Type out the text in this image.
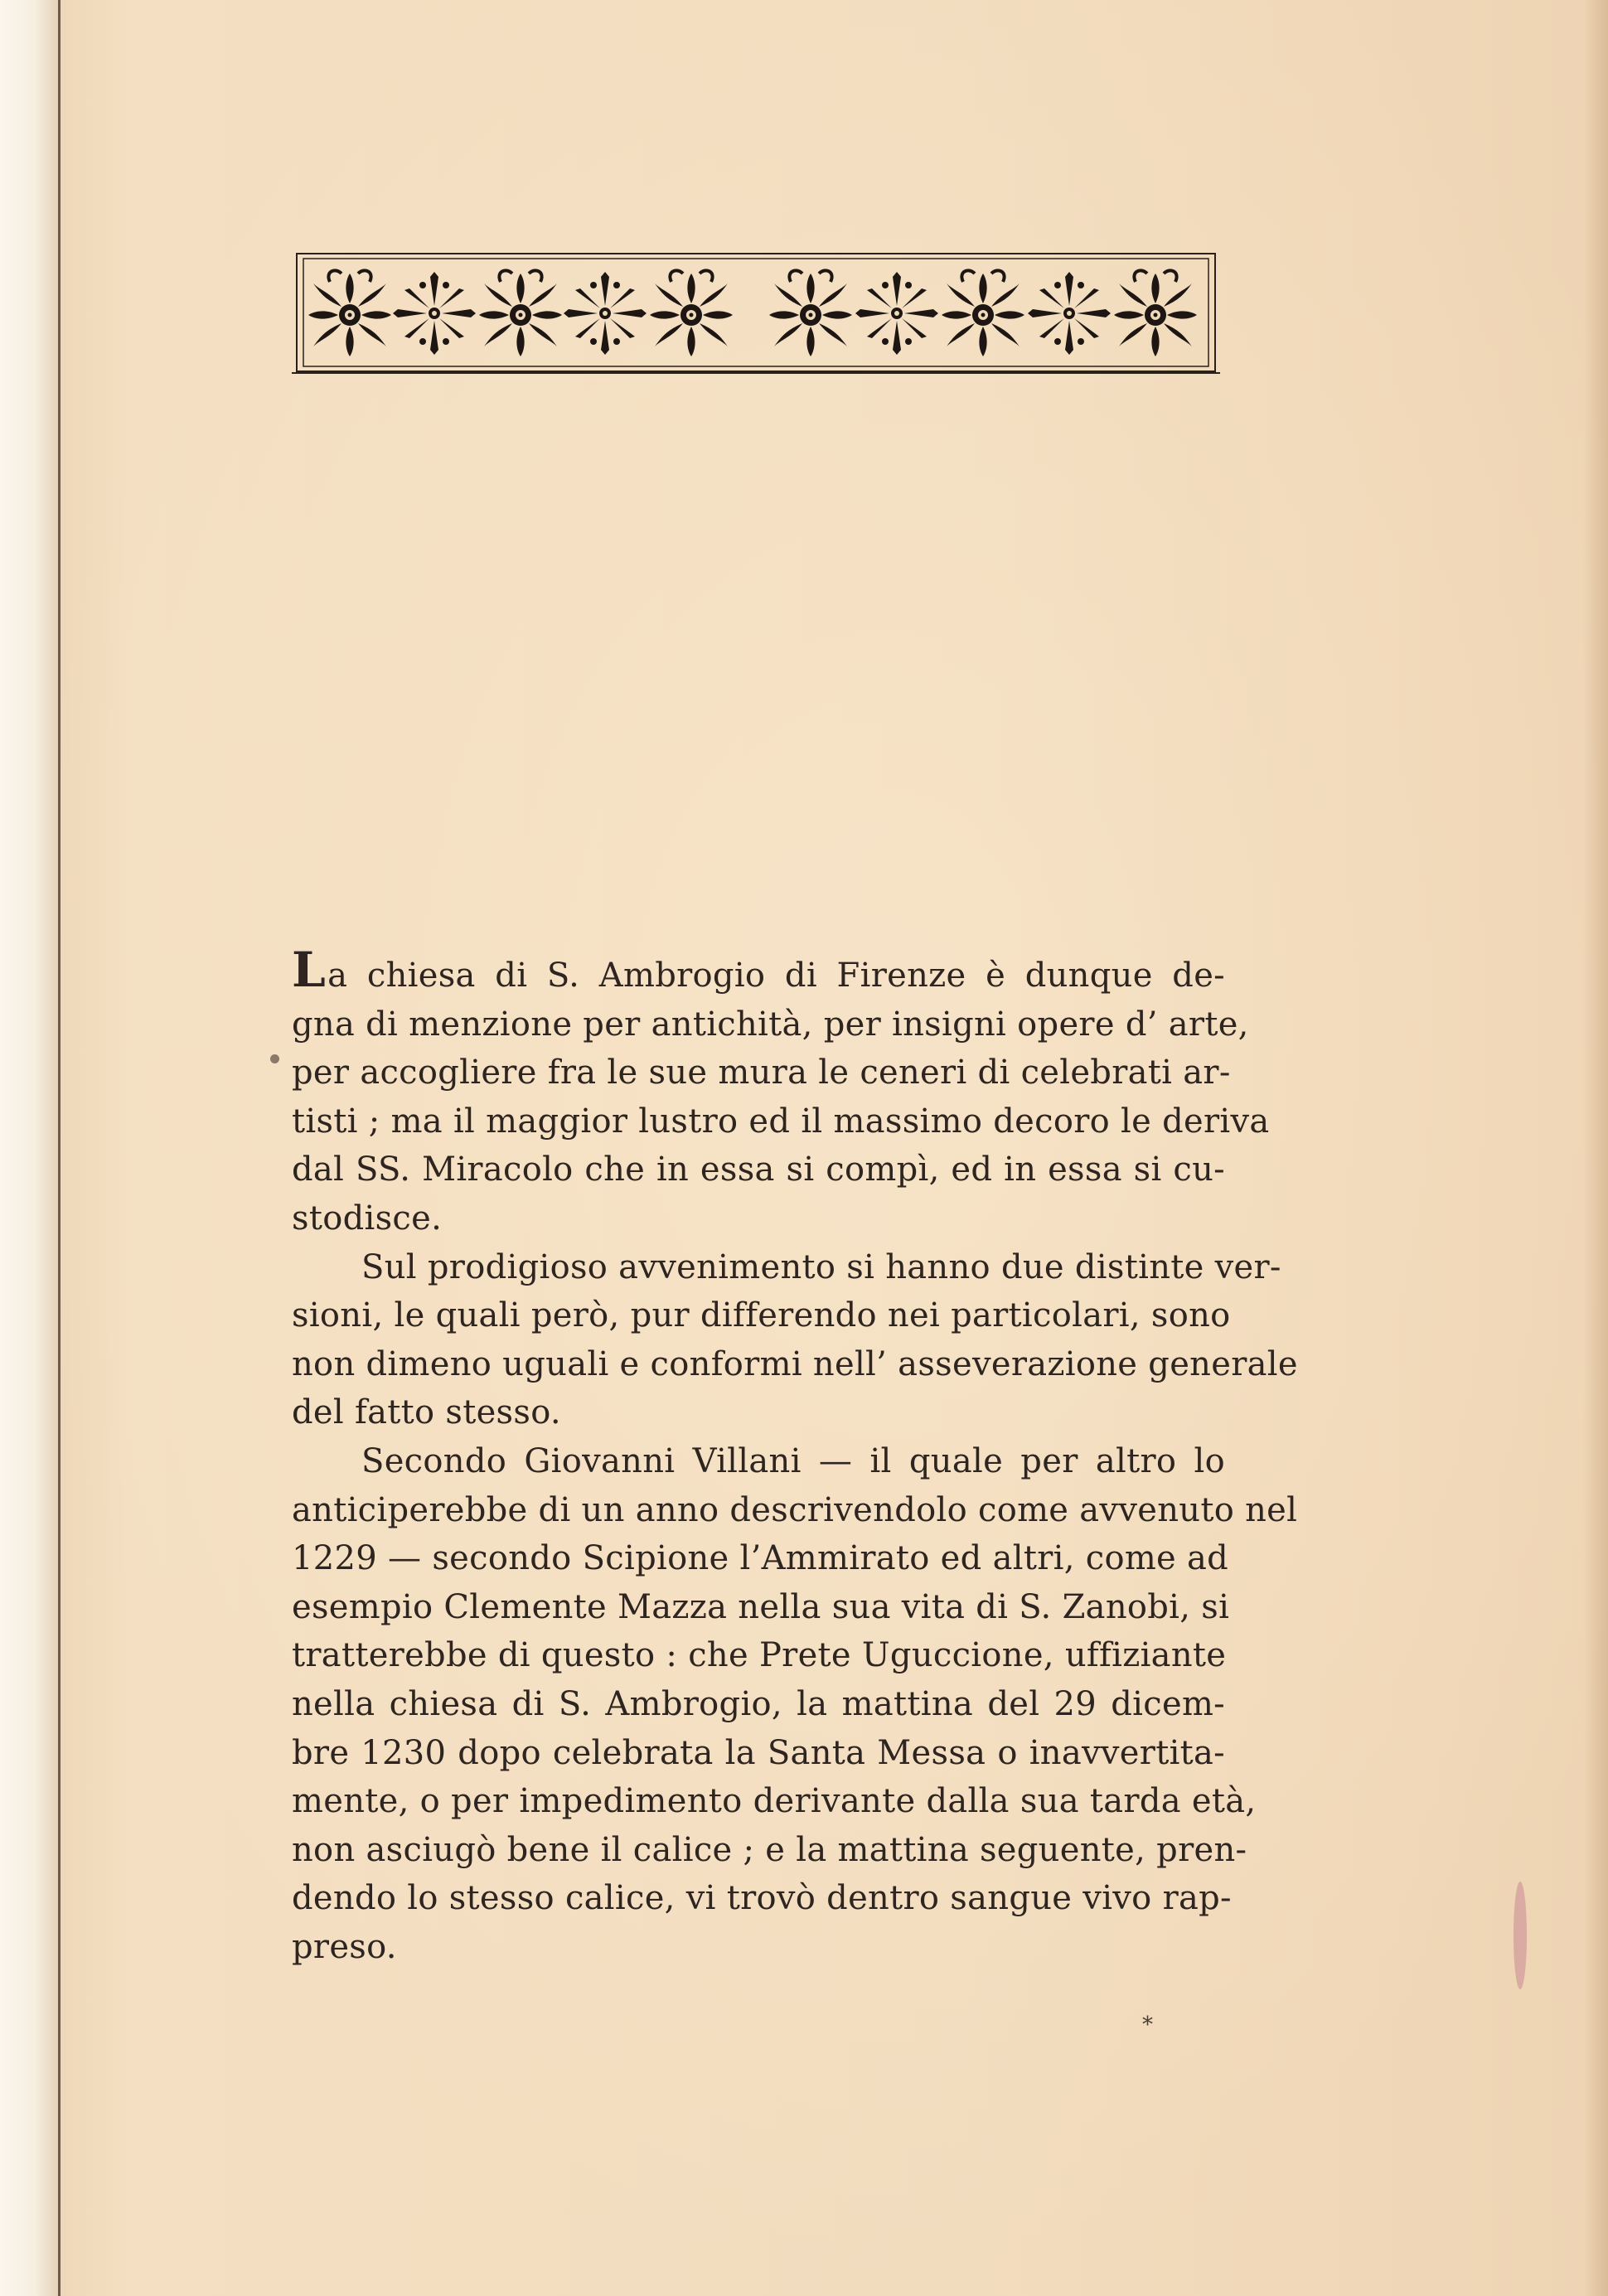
La chiesa di S. Ambrogio di Firenze è dunque de-
gna di menzione per antichità, per insigni opere d’ arte,
per accogliere fra le sue mura le ceneri di celebrati ar-
tisti ; ma il maggior lustro ed il massimo decoro le deriva
dal SS. Miracolo che in essa si compì, ed in essa si cu-
stodisce.
Sul prodigioso avvenimento si hanno due distinte ver-
sioni, le quali però, pur differendo nei particolari, sono
non dimeno uguali e conformi nell’ asseverazione generale
del fatto stesso.
Secondo Giovanni Villani — il quale per altro lo
anticiperebbe di un anno descrivendolo come avvenuto nel
1229 — secondo Scipione l’Ammirato ed altri, come ad
esempio Clemente Mazza nella sua vita di S. Zanobi, si
tratterebbe di questo : che Prete Uguccione, uffiziante
nella chiesa di S. Ambrogio, la mattina del 29 dicem-
bre 1230 dopo celebrata la Santa Messa o inavvertita-
mente, o per impedimento derivante dalla sua tarda età,
non asciugò bene il calice ; e la mattina seguente, pren-
dendo lo stesso calice, vi trovò dentro sangue vivo rap-
preso.
*
